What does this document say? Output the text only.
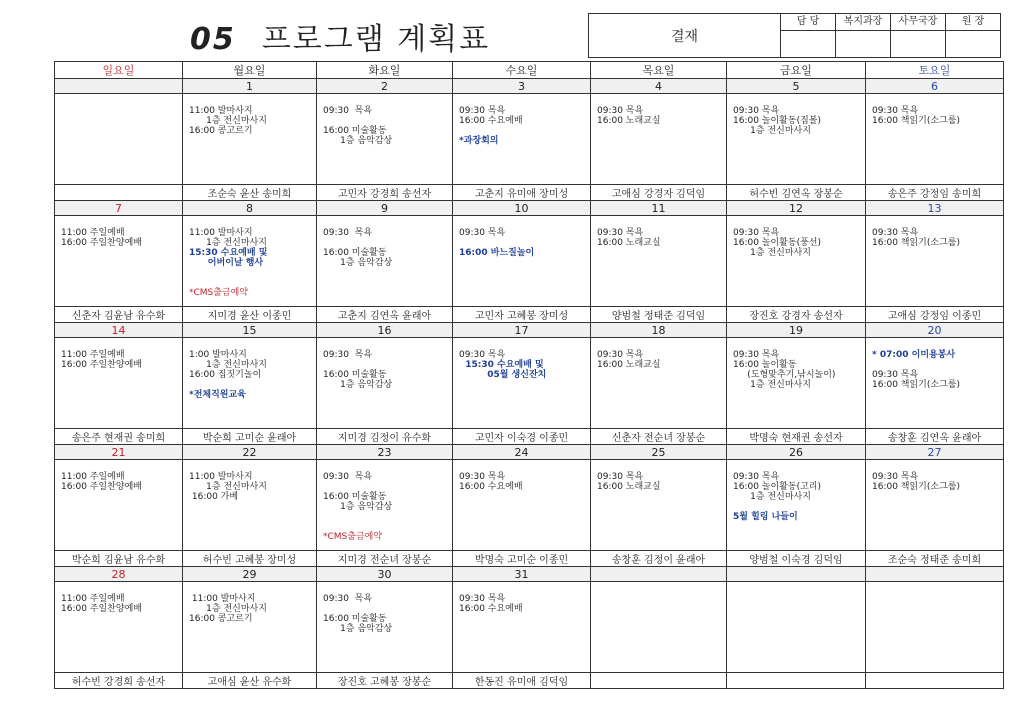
05 프로그램 계획표	결재
담 당	복지과장	사무국장	원 장
일요일	월요일	화요일	수요일	목요일	금요일	토요일
	1	2	3	4	5	6

	11:00 발마사지
1층 전신마사지
16:00 콩고르기	09:30  목욕
16:00 미술활동
1층 음악감상	09:30 목욕
16:00 수요예배
*과장회의	09:30 목욕
16:00 노래교실	09:30 목욕
16:00 놀이활동(짐볼)
1층 전신마사지	09:30 목욕
16:00 책읽기(소그룹)

	조순숙 윤산 송미희	고민자 강경희 송선자	고춘지 유미애 장미성	고애심 강경자 김덕임	허수빈 김연옥 장봉순	송은주 강정임 송미희
7	8	9	10	11	12	13

11:00 주일예배
16:00 주일찬양예배	11:00 발마사지
1층 전신마사지
15:30 수요예배 및
어버이날 행사
*CMS출금예약	09:30  목욕
16:00 미술활동
1층 음악감상	09:30 목욕
16:00 바느질놀이	09:30 목욕
16:00 노래교실	09:30 목욕
16:00 놀이활동(풍선)
1층 전신마사지	09:30 목욕
16:00 책읽기(소그룹)

신춘자 김윤남 유수화	지미경 윤산 이종민	고춘지 김연옥 윤래아	고민자 고혜봉 장미성	양범철 정태준 김덕임	장진호 강경자 송선자	고애심 강정임 이종민
14	15	16	17	18	19	20

11:00 주일예배
16:00 주일찬양예배	1:00 발마사지
1층 전신마사지
16:00 집짓기놀이
*전체직원교육	09:30  목욕
16:00 미술활동
1층 음악감상	09:30 목욕
15:30 수요예배 및
05월 생신잔치	09:30 목욕
16:00 노래교실	09:30 목욕
16:00 놀이활동
(도형맞추기,낚시놀이)
1층 전신마사지	* 07:00 이미용봉사
09:30 목욕
16:00 책읽기(소그룹)

송은주 현재권 송미희	박순희 고미순 윤래아	지미경 김정이 유수화	고민자 이숙경 이종민	신춘자 전순녀 장봉순	박명숙 현재권 송선자	송창훈 김연옥 윤래아
21	22	23	24	25	26	27

11:00 주일예배
16:00 주일찬양예배	11:00 발마사지
1층 전신마사지
16:00 가베	09:30  목욕
16:00 미술활동
1층 음악감상
*CMS출금예약	09:30 목욕
16:00 수요예배	09:30 목욕
16:00 노래교실	09:30 목욕
16:00 놀이활동(고리)
1층 전신마사지
5월 힐링 나들이	09:30 목욕
16:00 책읽기(소그룹)

박순희 김윤남 유수화	허수빈 고혜봉 장미성	지미경 전순녀 장봉순	박명숙 고미순 이종민	송창훈 김정이 윤래아	양범철 이숙경 김덕임	조순숙 정태준 송미희
28	29	30	31			

11:00 주일예배
16:00 주일찬양예배	11:00 발마사지
1층 전신마사지
16:00 콩고르기	09:30  목욕
16:00 미술활동
1층 음악감상	09:30 목욕
16:00 수요예배			

허수빈 강경희 송선자	고애심 윤산 유수화	장진호 고혜봉 장봉순	한동진 유미애 김덕임			
